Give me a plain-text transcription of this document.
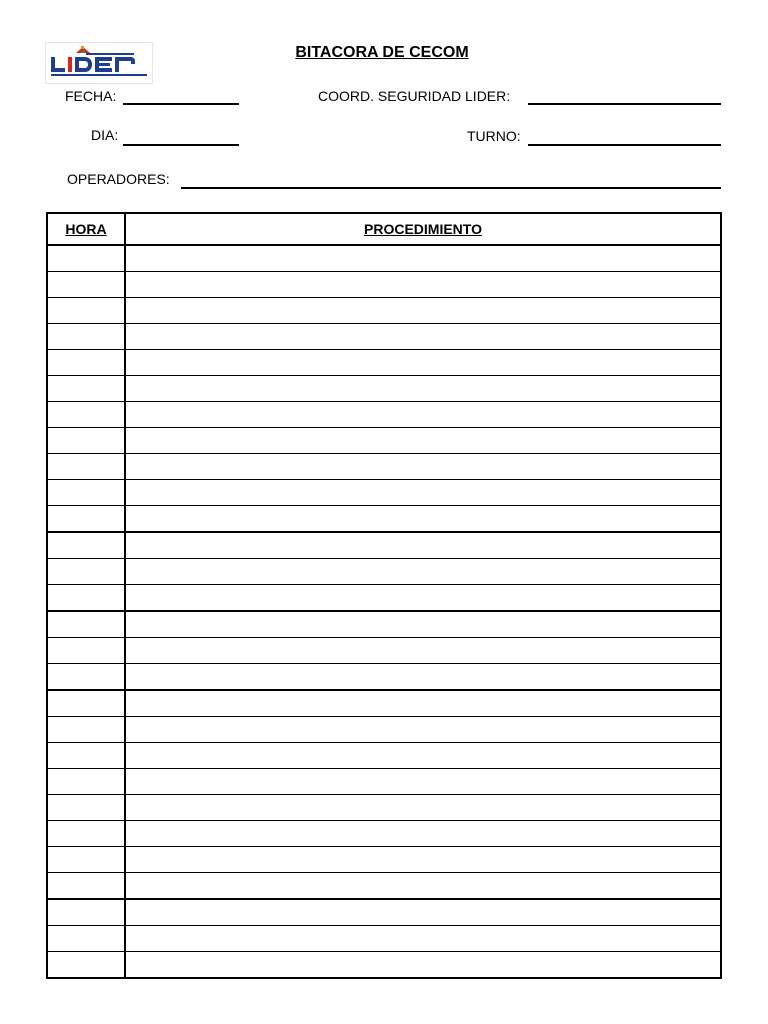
BITACORA DE CECOM
FECHA:	COORD. SEGURIDAD LIDER:
DIA:	TURNO:
OPERADORES:
HORA	PROCEDIMIENTO
